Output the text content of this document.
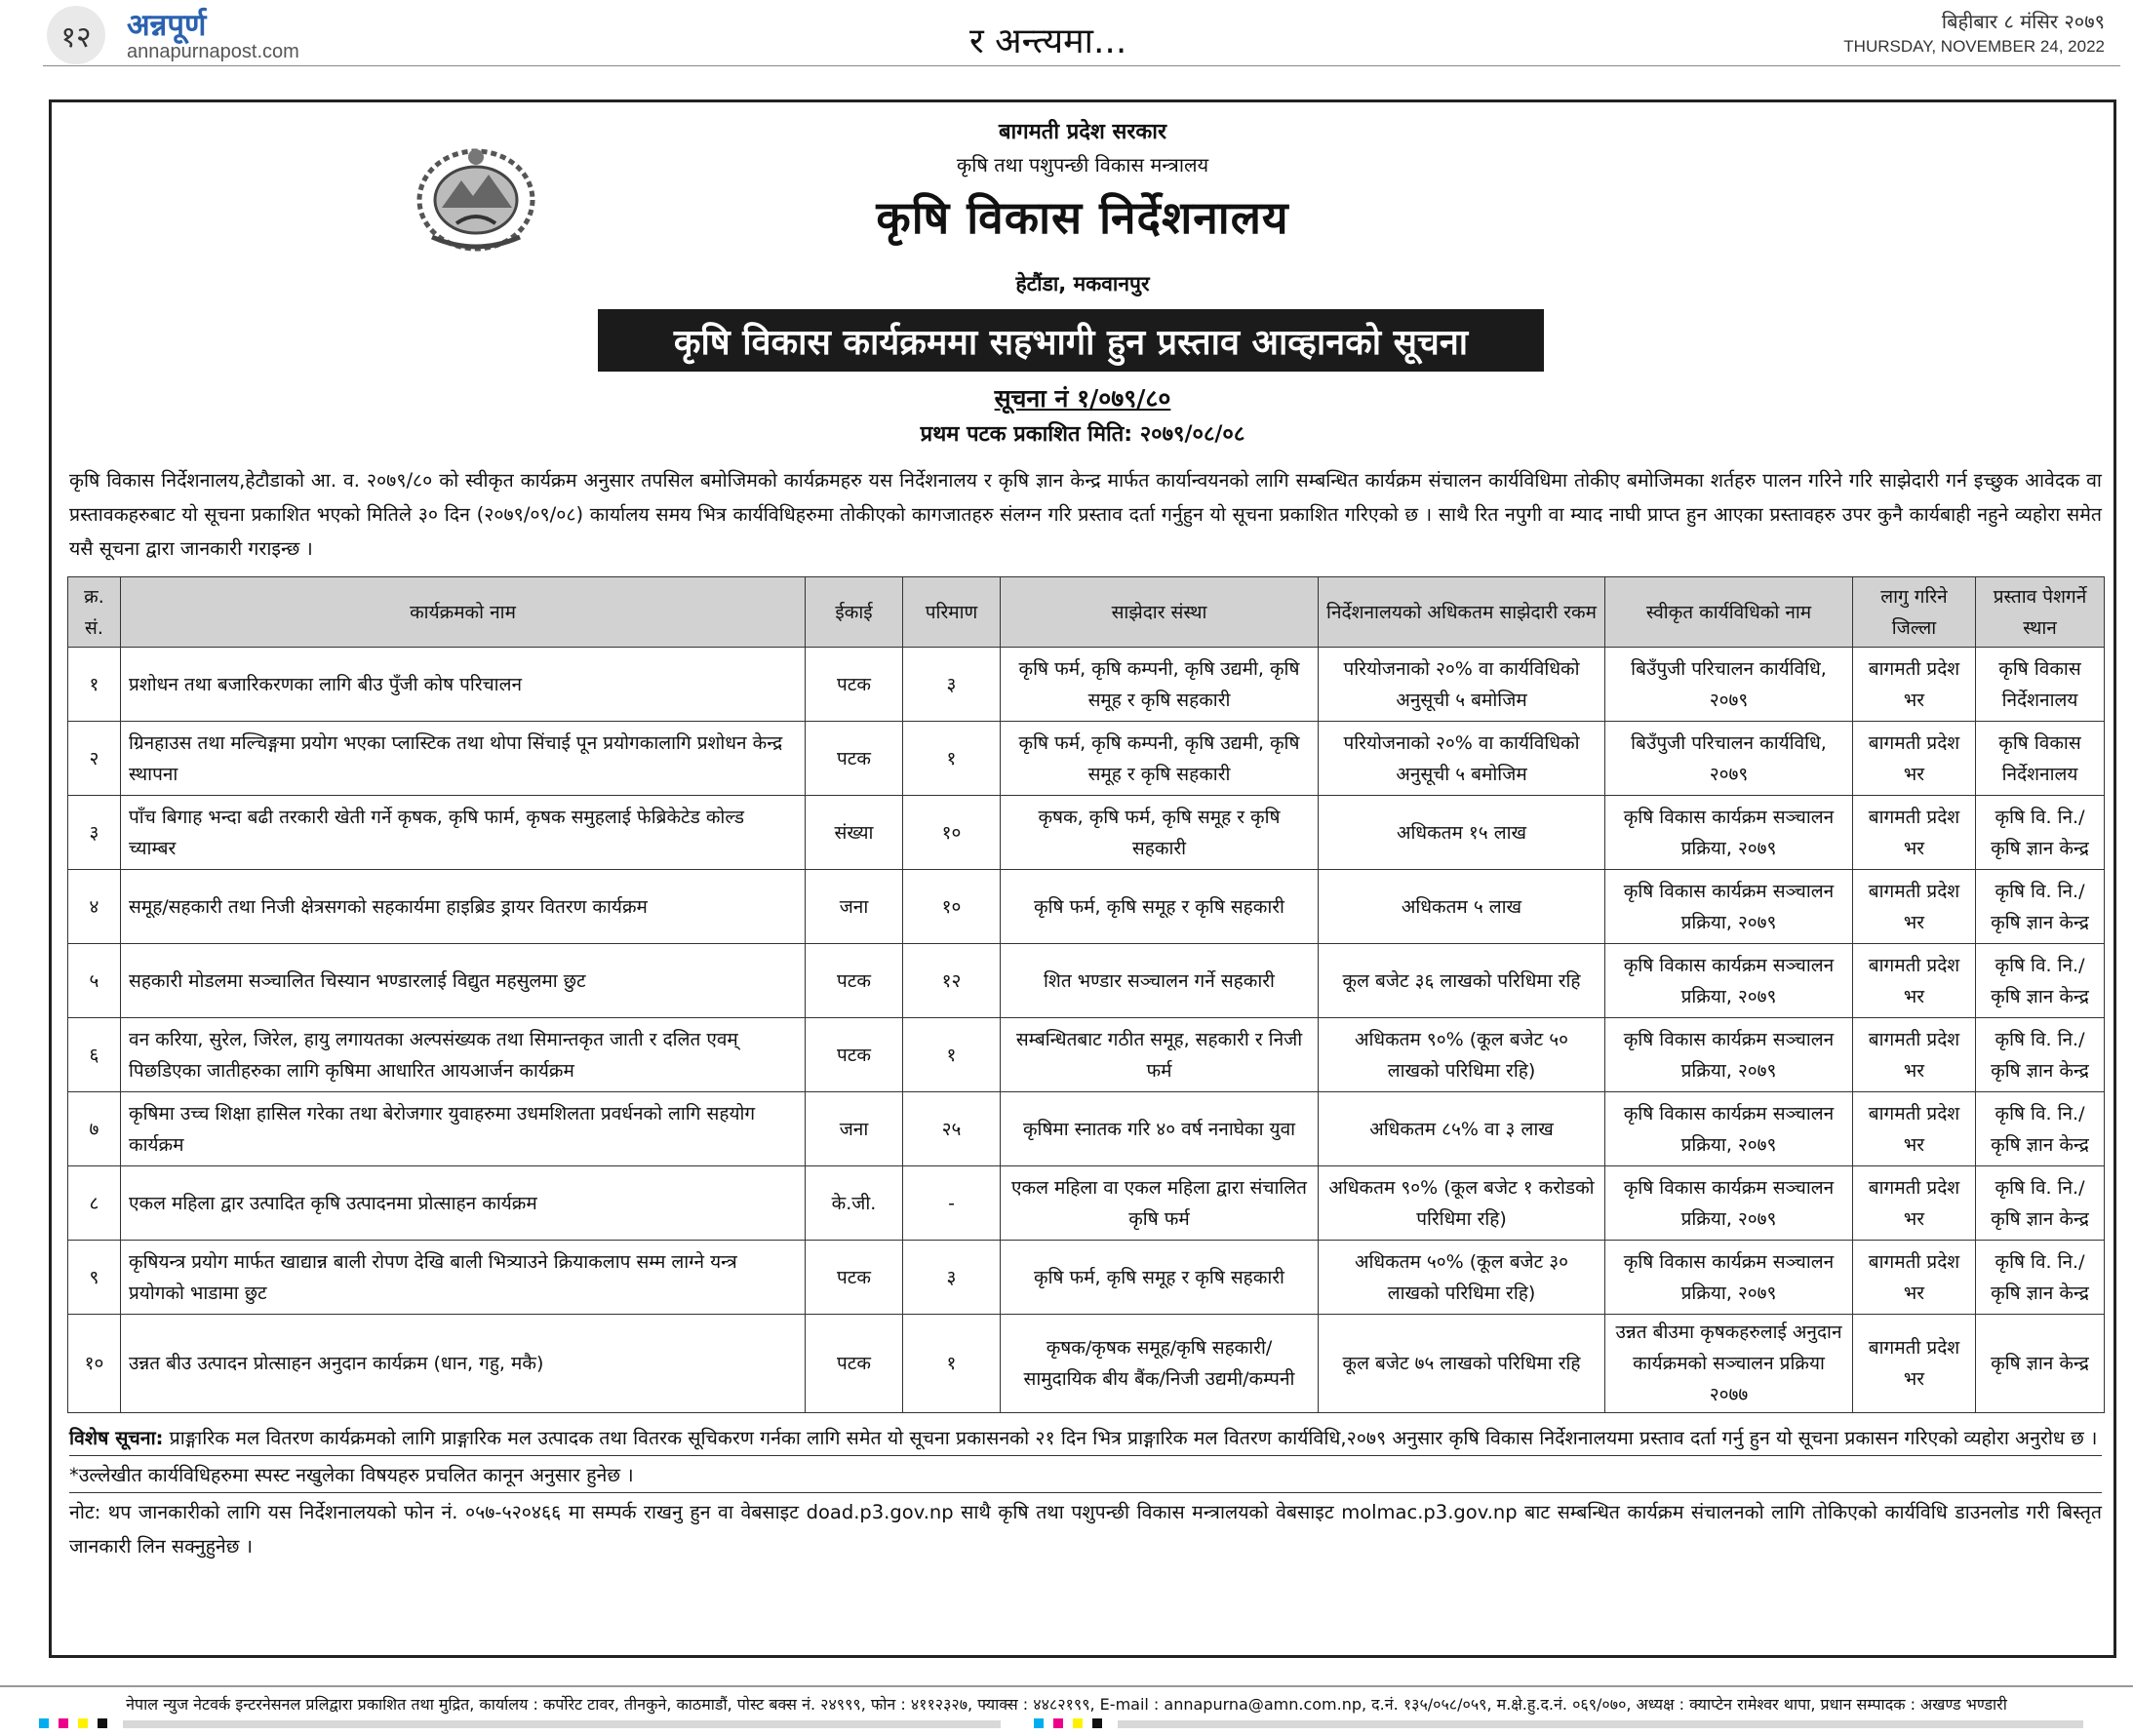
१२	अन्नपूर्ण
annapurnapost.com	र अन्त्यमा...	बिहीबार ८ मंसिर २०७९
THURSDAY, NOVEMBER 24, 2022
बागमती प्रदेश सरकार
कृषि तथा पशुपन्छी विकास मन्त्रालय
कृषि विकास निर्देशनालय
हेटौंडा, मकवानपुर
कृषि विकास कार्यक्रममा सहभागी हुन प्रस्ताव आव्हानको सूचना
सूचना नं १/०७९/८०
प्रथम पटक प्रकाशित मिति: २०७९/०८/०८
कृषि विकास निर्देशनालय,हेटौडाको आ. व. २०७९/८० को स्वीकृत कार्यक्रम अनुसार तपसिल बमोजिमको कार्यक्रमहरु यस निर्देशनालय र कृषि ज्ञान केन्द्र मार्फत कार्यान्वयनको लागि सम्बन्धित कार्यक्रम संचालन कार्यविधिमा तोकीए बमोजिमका शर्तहरु पालन गरिने गरि साझेदारी गर्न इच्छुक आवेदक वा प्रस्तावकहरुबाट यो सूचना प्रकाशित भएको मितिले ३० दिन (२०७९/०९/०८) कार्यालय समय भित्र कार्यविधिहरुमा तोकीएको कागजातहरु संलग्न गरि प्रस्ताव दर्ता गर्नुहुन यो सूचना प्रकाशित गरिएको छ । साथै रित नपुगी वा म्याद नाघी प्राप्त हुन आएका प्रस्तावहरु उपर कुनै कार्यबाही नहुने व्यहोरा समेत यसै सूचना द्वारा जानकारी गराइन्छ ।
क्र. सं.	कार्यक्रमको नाम	ईकाई	परिमाण	साझेदार संस्था	निर्देशनालयको अधिकतम साझेदारी रकम	स्वीकृत कार्यविधिको नाम	लागु गरिने जिल्ला	प्रस्ताव पेशगर्ने स्थान
१	प्रशोधन तथा बजारिकरणका लागि बीउ पुँजी कोष परिचालन	पटक	३	कृषि फर्म, कृषि कम्पनी, कृषि उद्यमी, कृषि समूह र कृषि सहकारी	परियोजनाको २०% वा कार्यविधिको अनुसूची ५ बमोजिम	बिउँपुजी परिचालन कार्यविधि, २०७९	बागमती प्रदेश भर	कृषि विकास निर्देशनालय
२	ग्रिनहाउस तथा मल्चिङ्गमा प्रयोग भएका प्लास्टिक तथा थोपा सिंचाई पून प्रयोगकालागि प्रशोधन केन्द्र स्थापना	पटक	१	कृषि फर्म, कृषि कम्पनी, कृषि उद्यमी, कृषि समूह र कृषि सहकारी	परियोजनाको २०% वा कार्यविधिको अनुसूची ५ बमोजिम	बिउँपुजी परिचालन कार्यविधि, २०७९	बागमती प्रदेश भर	कृषि विकास निर्देशनालय
३	पाँच बिगाह भन्दा बढी तरकारी खेती गर्ने कृषक, कृषि फार्म, कृषक समुहलाई फेब्रिकेटेड कोल्ड च्याम्बर	संख्या	१०	कृषक, कृषि फर्म, कृषि समूह र कृषि सहकारी	अधिकतम १५ लाख	कृषि विकास कार्यक्रम सञ्चालन प्रक्रिया, २०७९	बागमती प्रदेश भर	कृषि वि. नि./ कृषि ज्ञान केन्द्र
४	समूह/सहकारी तथा निजी क्षेत्रसगको सहकार्यमा हाइब्रिड ड्रायर वितरण कार्यक्रम	जना	१०	कृषि फर्म, कृषि समूह र कृषि सहकारी	अधिकतम ५ लाख	कृषि विकास कार्यक्रम सञ्चालन प्रक्रिया, २०७९	बागमती प्रदेश भर	कृषि वि. नि./ कृषि ज्ञान केन्द्र
५	सहकारी मोडलमा सञ्चालित चिस्यान भण्डारलाई विद्युत महसुलमा छुट	पटक	१२	शित भण्डार सञ्चालन गर्ने सहकारी	कूल बजेट ३६ लाखको परिधिमा रहि	कृषि विकास कार्यक्रम सञ्चालन प्रक्रिया, २०७९	बागमती प्रदेश भर	कृषि वि. नि./ कृषि ज्ञान केन्द्र
६	वन करिया, सुरेल, जिरेल, हायु लगायतका अल्पसंख्यक तथा सिमान्तकृत जाती र दलित एवम् पिछडिएका जातीहरुका लागि कृषिमा आधारित आयआर्जन कार्यक्रम	पटक	१	सम्बन्धितबाट गठीत समूह, सहकारी र निजी फर्म	अधिकतम ९०% (कूल बजेट ५० लाखको परिधिमा रहि)	कृषि विकास कार्यक्रम सञ्चालन प्रक्रिया, २०७९	बागमती प्रदेश भर	कृषि वि. नि./ कृषि ज्ञान केन्द्र
७	कृषिमा उच्च शिक्षा हासिल गरेका तथा बेरोजगार युवाहरुमा उधमशिलता प्रवर्धनको लागि सहयोग कार्यक्रम	जना	२५	कृषिमा स्नातक गरि ४० वर्ष ननाघेका युवा	अधिकतम ८५% वा ३ लाख	कृषि विकास कार्यक्रम सञ्चालन प्रक्रिया, २०७९	बागमती प्रदेश भर	कृषि वि. नि./ कृषि ज्ञान केन्द्र
८	एकल महिला द्वार उत्पादित कृषि उत्पादनमा प्रोत्साहन कार्यक्रम	के.जी.	-	एकल महिला वा एकल महिला द्वारा संचालित कृषि फर्म	अधिकतम ९०% (कूल बजेट १ करोडको परिधिमा रहि)	कृषि विकास कार्यक्रम सञ्चालन प्रक्रिया, २०७९	बागमती प्रदेश भर	कृषि वि. नि./ कृषि ज्ञान केन्द्र
९	कृषियन्त्र प्रयोग मार्फत खाद्यान्न बाली रोपण देखि बाली भित्र्याउने क्रियाकलाप सम्म लाग्ने यन्त्र प्रयोगको भाडामा छुट	पटक	३	कृषि फर्म, कृषि समूह र कृषि सहकारी	अधिकतम ५०% (कूल बजेट ३० लाखको परिधिमा रहि)	कृषि विकास कार्यक्रम सञ्चालन प्रक्रिया, २०७९	बागमती प्रदेश भर	कृषि वि. नि./ कृषि ज्ञान केन्द्र
१०	उन्नत बीउ उत्पादन प्रोत्साहन अनुदान कार्यक्रम (धान, गहु, मकै)	पटक	१	कृषक/कृषक समूह/कृषि सहकारी/ सामुदायिक बीय बैंक/निजी उद्यमी/कम्पनी	कूल बजेट ७५ लाखको परिधिमा रहि	उन्नत बीउमा कृषकहरुलाई अनुदान कार्यक्रमको सञ्चालन प्रक्रिया २०७७	बागमती प्रदेश भर	कृषि ज्ञान केन्द्र

विशेष सूचना: प्राङ्गारिक मल वितरण कार्यक्रमको लागि प्राङ्गारिक मल उत्पादक तथा वितरक सूचिकरण गर्नका लागि समेत यो सूचना प्रकासनको २१ दिन भित्र प्राङ्गारिक मल वितरण कार्यविधि,२०७९ अनुसार कृषि विकास निर्देशनालयमा प्रस्ताव दर्ता गर्नु हुन यो सूचना प्रकासन गरिएको व्यहोरा अनुरोध छ ।

*उल्लेखीत कार्यविधिहरुमा स्पस्ट नखुलेका विषयहरु प्रचलित कानून अनुसार हुनेछ ।

नोट: थप जानकारीको लागि यस निर्देशनालयको फोन नं. ०५७-५२०४६६ मा सम्पर्क राखनु हुन वा वेबसाइट doad.p3.gov.np साथै कृषि तथा पशुपन्छी विकास मन्त्रालयको वेबसाइट molmac.p3.gov.np बाट सम्बन्धित कार्यक्रम संचालनको लागि तोकिएको कार्यविधि डाउनलोड गरी बिस्तृत जानकारी लिन सक्नुहुनेछ ।

नेपाल न्युज नेटवर्क इन्टरनेसनल प्रलिद्वारा प्रकाशित तथा मुद्रित, कार्यालय : कर्पोरेट टावर, तीनकुने, काठमाडौं, पोस्ट बक्स नं. २४९९९, फोन : ४११२३२७, फ्याक्स : ४४८२१९९, E-mail : annapurna@amn.com.np, द.नं. १३५/०५८/०५९, म.क्षे.हु.द.नं. ०६९/०७०, अध्यक्ष : क्याप्टेन रामेश्वर थापा, प्रधान सम्पादक : अखण्ड भण्डारी
